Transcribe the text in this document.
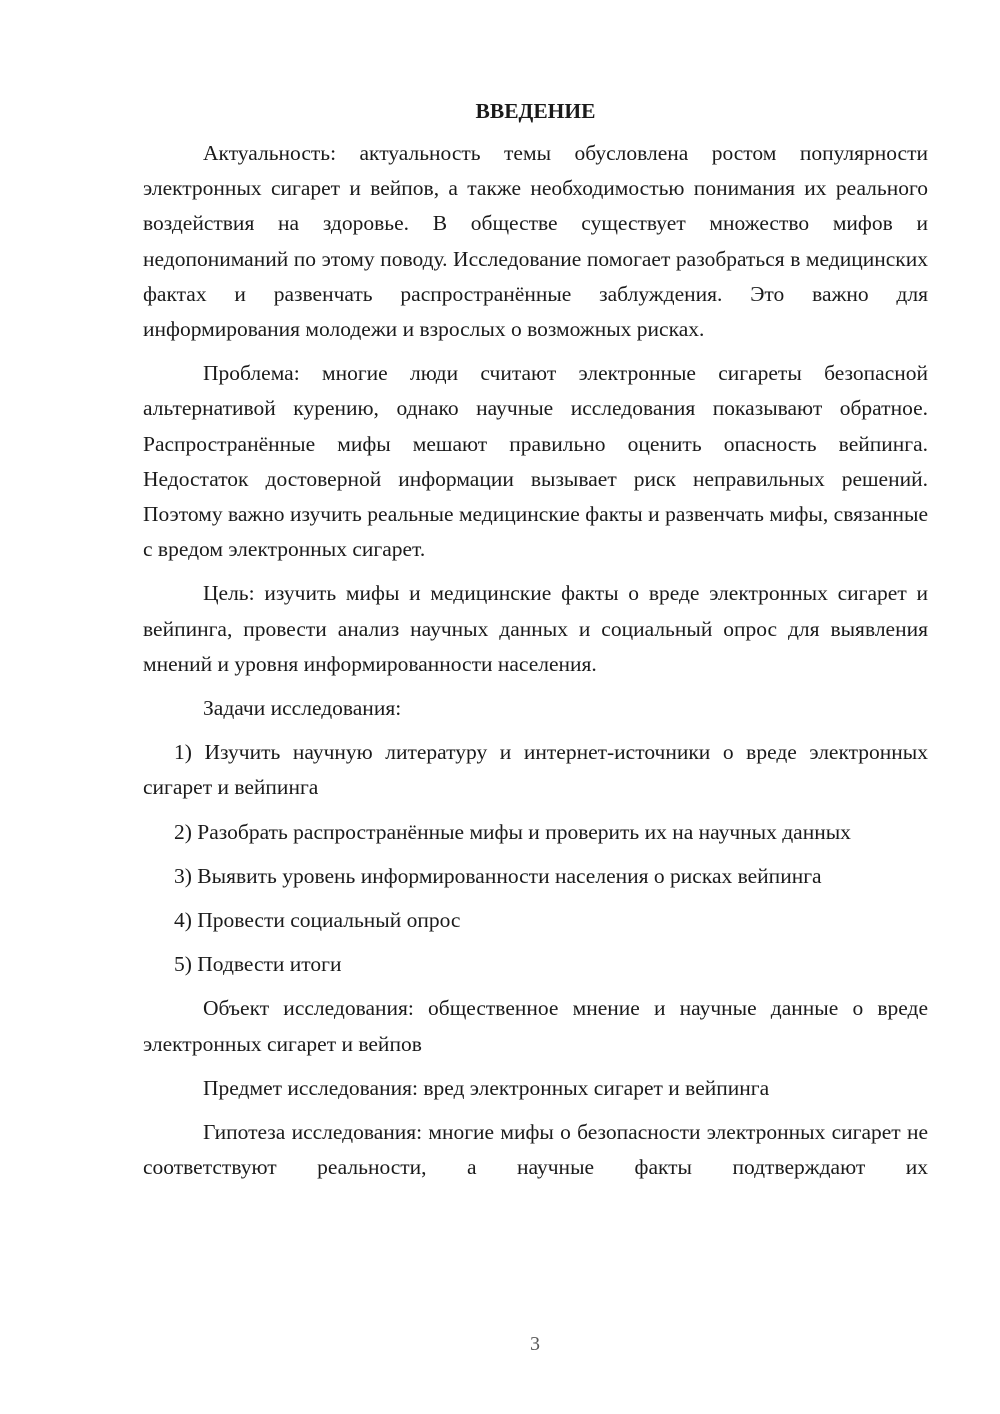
ВВЕДЕНИЕ

Актуальность: актуальность темы обусловлена ростом популярности электронных сигарет и вейпов, а также необходимостью понимания их реального воздействия на здоровье. В обществе существует множество мифов и недопониманий по этому поводу. Исследование помогает разобраться в медицинских фактах и развенчать распространённые заблуждения. Это важно для информирования молодежи и взрослых о возможных рисках.

Проблема: многие люди считают электронные сигареты безопасной альтернативой курению, однако научные исследования показывают обратное. Распространённые мифы мешают правильно оценить опасность вейпинга. Недостаток достоверной информации вызывает риск неправильных решений. Поэтому важно изучить реальные медицинские факты и развенчать мифы, связанные с вредом электронных сигарет.

Цель: изучить мифы и медицинские факты о вреде электронных сигарет и вейпинга, провести анализ научных данных и социальный опрос для выявления мнений и уровня информированности населения.

Задачи исследования:

1) Изучить научную литературу и интернет-источники о вреде электронных сигарет и вейпинга

2) Разобрать распространённые мифы и проверить их на научных данных

3) Выявить уровень информированности населения о рисках вейпинга

4) Провести социальный опрос

5) Подвести итоги

Объект исследования: общественное мнение и научные данные о вреде электронных сигарет и вейпов

Предмет исследования: вред электронных сигарет и вейпинга

Гипотеза исследования: многие мифы о безопасности электронных сигарет не соответствуют реальности, а научные факты подтверждают их

3
